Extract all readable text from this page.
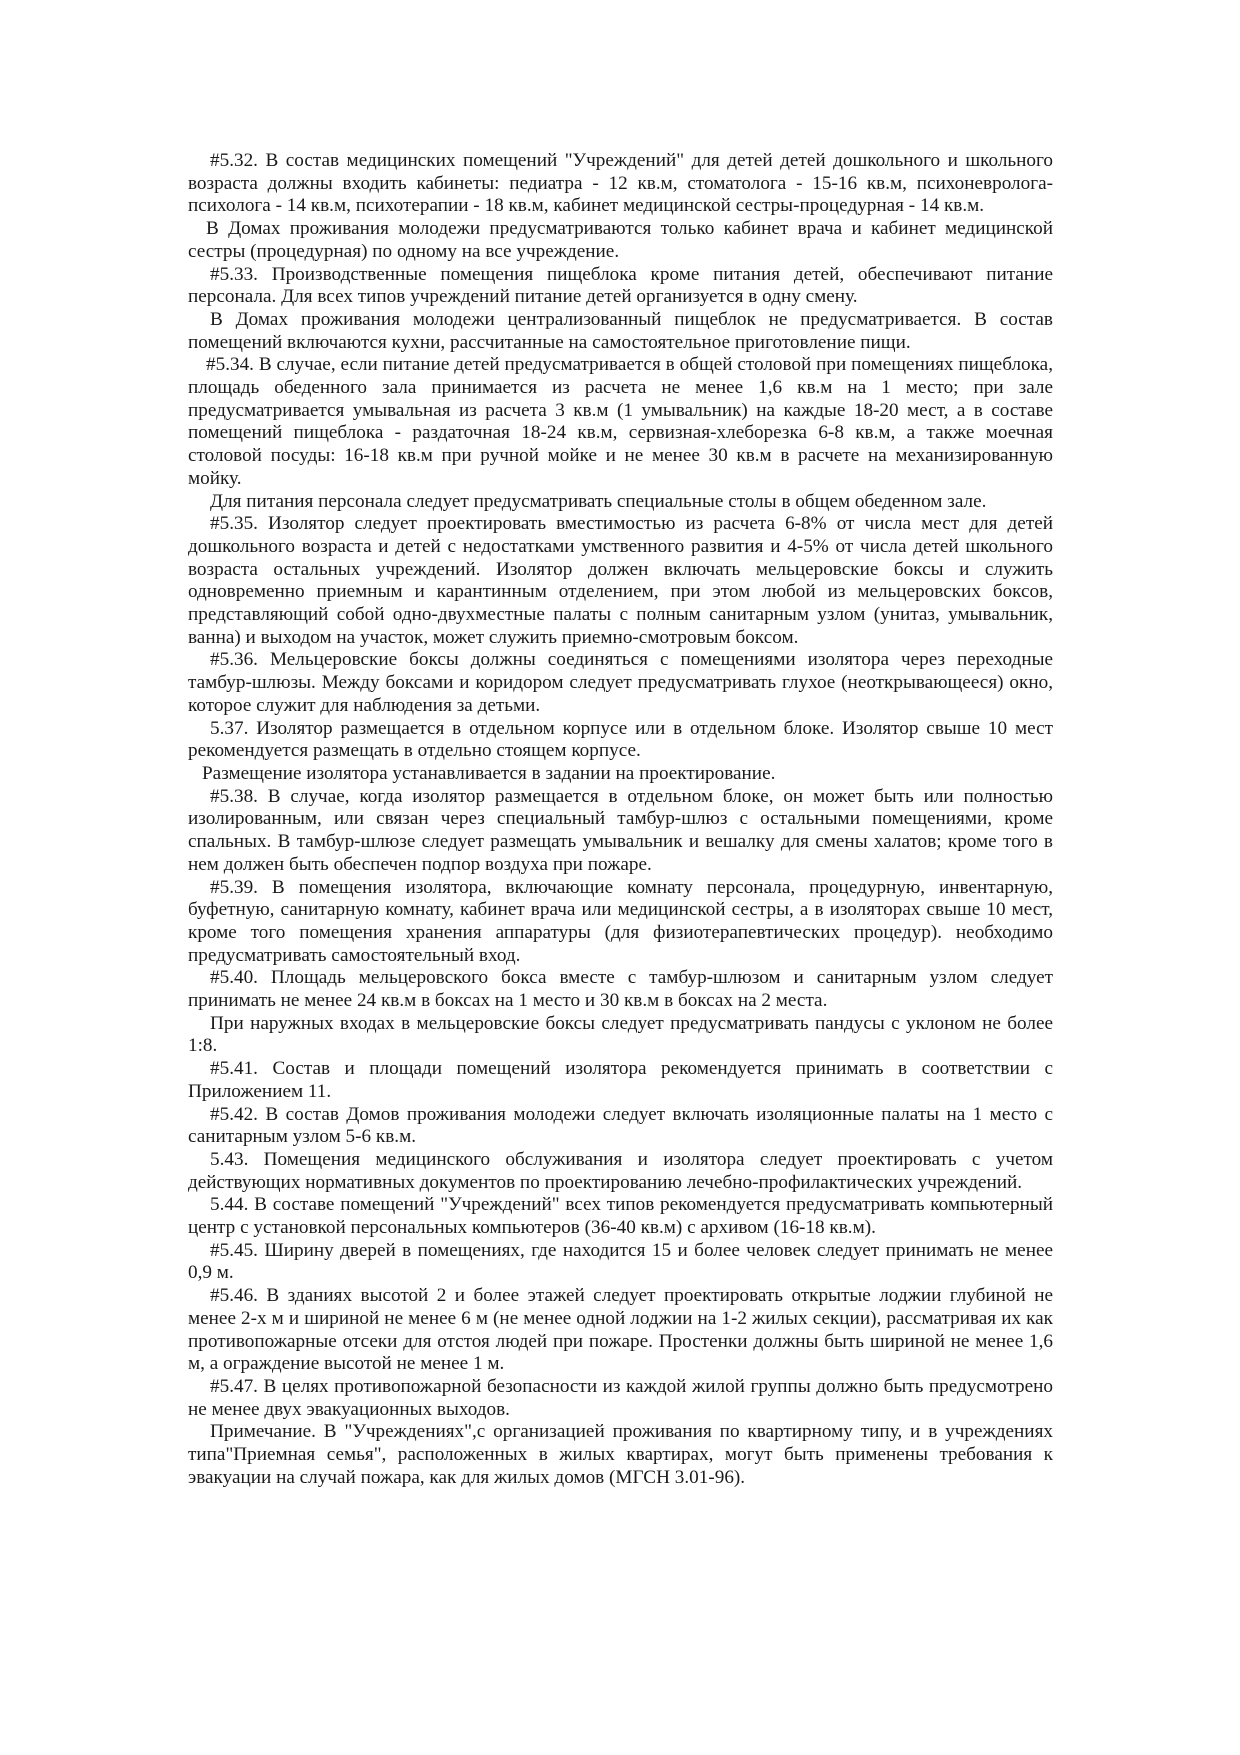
#5.32. В состав медицинских помещений "Учреждений" для детей детей дошкольного и школьного возраста должны входить кабинеты: педиатра - 12 кв.м, стоматолога - 15-16 кв.м, психоневролога-психолога - 14 кв.м, психотерапии - 18 кв.м, кабинет медицинской сестры-процедурная - 14 кв.м.

В Домах проживания молодежи предусматриваются только кабинет врача и кабинет медицинской сестры (процедурная) по одному на все учреждение.

#5.33. Производственные помещения пищеблока кроме питания детей, обеспечивают питание персонала. Для всех типов учреждений питание детей организуется в одну смену.

В Домах проживания молодежи централизованный пищеблок не предусматривается. В состав помещений включаются кухни, рассчитанные на самостоятельное приготовление пищи.

#5.34. В случае, если питание детей предусматривается в общей столовой при помещениях пищеблока, площадь обеденного зала принимается из расчета не менее 1,6 кв.м на 1 место; при зале предусматривается умывальная из расчета 3 кв.м (1 умывальник) на каждые 18-20 мест, а в составе помещений пищеблока - раздаточная 18-24 кв.м, сервизная-хлеборезка 6-8 кв.м, а также моечная столовой посуды: 16-18 кв.м при ручной мойке и не менее 30 кв.м в расчете на механизированную мойку.

Для питания персонала следует предусматривать специальные столы в общем обеденном зале.

#5.35. Изолятор следует проектировать вместимостью из расчета 6-8% от числа мест для детей дошкольного возраста и детей с недостатками умственного развития и 4-5% от числа детей школьного возраста остальных учреждений. Изолятор должен включать мельцеровские боксы и служить одновременно приемным и карантинным отделением, при этом любой из мельцеровских боксов, представляющий собой одно-двухместные палаты с полным санитарным узлом (унитаз, умывальник, ванна) и выходом на участок, может служить приемно-смотровым боксом.

#5.36. Мельцеровские боксы должны соединяться с помещениями изолятора через переходные тамбур-шлюзы. Между боксами и коридором следует предусматривать глухое (неоткрывающееся) окно, которое служит для наблюдения за детьми.

5.37. Изолятор размещается в отдельном корпусе или в отдельном блоке. Изолятор свыше 10 мест рекомендуется размещать в отдельно стоящем корпусе.

Размещение изолятора устанавливается в задании на проектирование.

#5.38. В случае, когда изолятор размещается в отдельном блоке, он может быть или полностью изолированным, или связан через специальный тамбур-шлюз с остальными помещениями, кроме спальных. В тамбур-шлюзе следует размещать умывальник и вешалку для смены халатов; кроме того в нем должен быть обеспечен подпор воздуха при пожаре.

#5.39. В помещения изолятора, включающие комнату персонала, процедурную, инвентарную, буфетную, санитарную комнату, кабинет врача или медицинской сестры, а в изоляторах свыше 10 мест, кроме того помещения хранения аппаратуры (для физиотерапевтических процедур). необходимо предусматривать самостоятельный вход.

#5.40. Площадь мельцеровского бокса вместе с тамбур-шлюзом и санитарным узлом следует принимать не менее 24 кв.м в боксах на 1 место и 30 кв.м в боксах на 2 места.

При наружных входах в мельцеровские боксы следует предусматривать пандусы с уклоном не более 1:8.

#5.41. Состав и площади помещений изолятора рекомендуется принимать в соответствии с Приложением 11.

#5.42. В состав Домов проживания молодежи следует включать изоляционные палаты на 1 место с санитарным узлом 5-6 кв.м.

5.43. Помещения медицинского обслуживания и изолятора следует проектировать с учетом действующих нормативных документов по проектированию лечебно-профилактических учреждений.

5.44. В составе помещений "Учреждений" всех типов рекомендуется предусматривать компьютерный центр с установкой персональных компьютеров (36-40 кв.м) с архивом (16-18 кв.м).

#5.45. Ширину дверей в помещениях, где находится 15 и более человек следует принимать не менее 0,9 м.

#5.46. В зданиях высотой 2 и более этажей следует проектировать открытые лоджии глубиной не менее 2-х м и шириной не менее 6 м (не менее одной лоджии на 1-2 жилых секции), рассматривая их как противопожарные отсеки для отстоя людей при пожаре. Простенки должны быть шириной не менее 1,6 м, а ограждение высотой не менее 1 м.

#5.47. В целях противопожарной безопасности из каждой жилой группы должно быть предусмотрено не менее двух эвакуационных выходов.

Примечание. В "Учреждениях",с организацией проживания по квартирному типу, и в учреждениях типа"Приемная семья", расположенных в жилых квартирах, могут быть применены требования к эвакуации на случай пожара, как для жилых домов (МГСН 3.01-96).
